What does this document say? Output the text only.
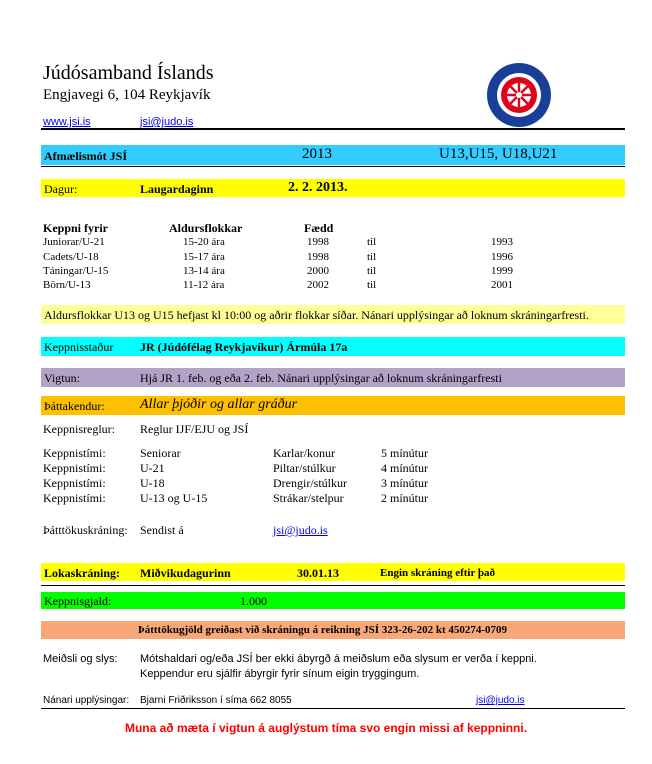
Júdósamband Íslands
Engjavegi 6, 104 Reykjavík
www.jsi.is	jsi@judo.is
Afmælismót JSÍ	2013	U13,U15, U18,U21
Dagur:	Laugardaginn	2. 2. 2013.
Keppni fyrir	Aldursflokkar	Fædd
Juniorar/U-21	15-20 ára	1998	til	1993
Cadets/U-18	15-17 ára	1998	til	1996
Táningar/U-15	13-14 ára	2000	til	1999
Börn/U-13	11-12 ára	2002	til	2001
Aldursflokkar U13 og U15 hefjast kl 10:00 og aðrir flokkar síðar. Nánari upplýsingar að loknum skráningarfresti.
Keppnisstaður JR (Júdófélag Reykjavíkur) Ármúla 17a
Vigtun:	Hjá JR 1. feb. og eða 2. feb. Nánari upplýsingar að loknum skráningarfresti
Þáttakendur:	Allar þjóðir og allar gráður
Keppnisreglur: Reglur IJF/EJU og JSÍ
Keppnistími:	Seniorar	Karlar/konur	5 mínútur
Keppnistími:	U-21	Piltar/stúlkur	4 mínútur
Keppnistími:	U-18	Drengir/stúlkur	3 mínútur
Keppnistími:	U-13 og U-15	Strákar/stelpur	2 mínútur
Þátttökuskráning: Sendist á	jsi@judo.is
Lokaskráning: Miðvikudagurinn	30.01.13	Engin skráning eftir það
Keppnisgjald:	1.000
Þátttökugjöld greiðast við skráningu á reikning JSÍ 323-26-202 kt 450274-0709
Meiðsli og slys: Mótshaldari og/eða JSÍ ber ekki ábyrgð á meiðslum eða slysum er verða í keppni.
Keppendur eru sjálfir ábyrgir fyrir sínum eigin tryggingum.
Nánari upplýsingar: Bjarni Friðriksson í síma 662 8055	jsi@judo.is
Muna að mæta í vigtun á auglýstum tíma svo engin missi af keppninni.
